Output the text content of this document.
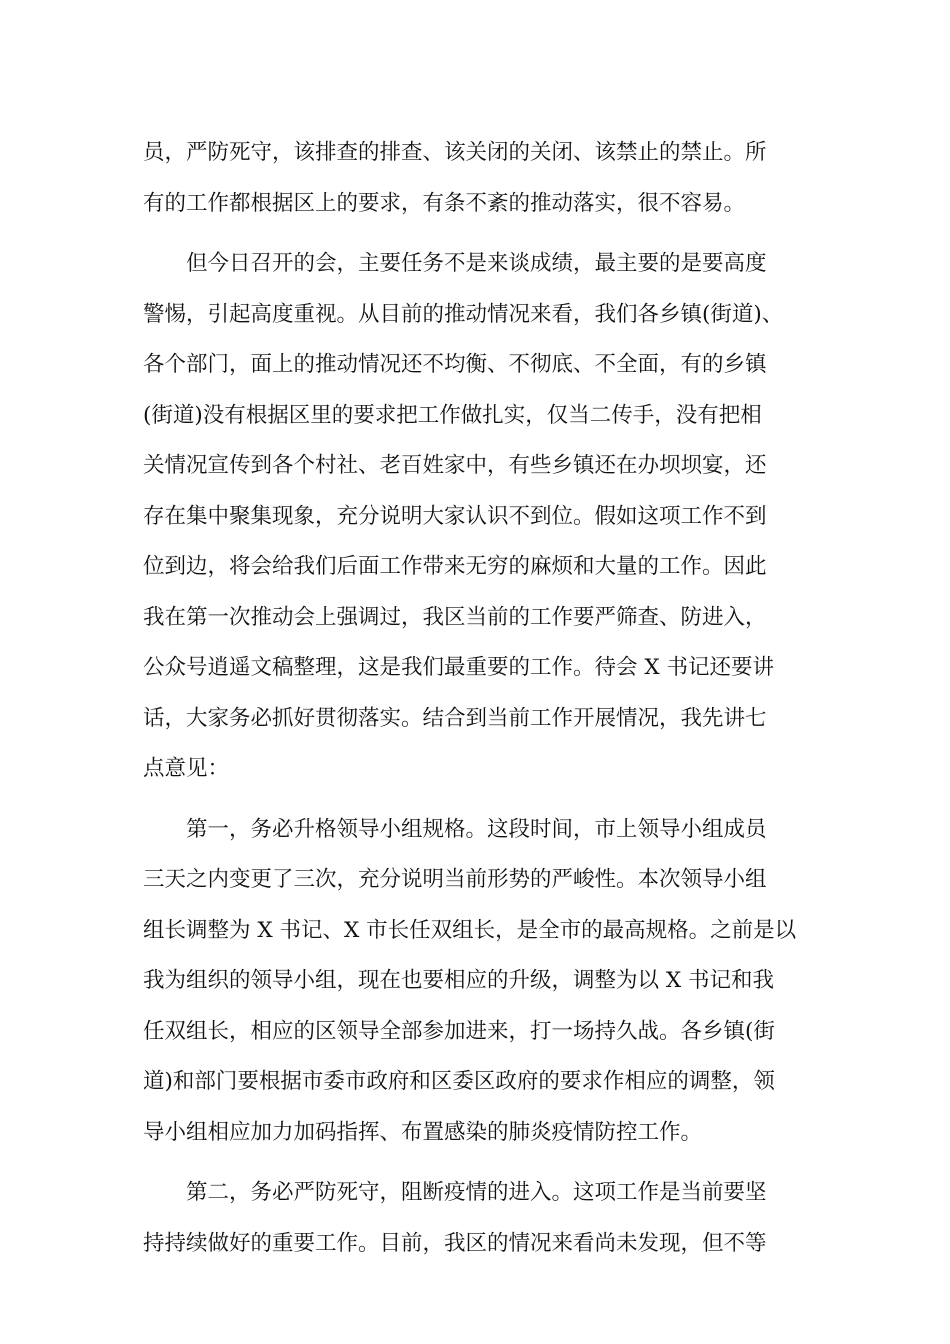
员，严防死守，该排查的排查、该关闭的关闭、该禁止的禁止。所
有的工作都根据区上的要求，有条不紊的推动落实，很不容易。
　　但今日召开的会，主要任务不是来谈成绩，最主要的是要高度
警惕，引起高度重视。从目前的推动情况来看，我们各乡镇(街道)、
各个部门，面上的推动情况还不均衡、不彻底、不全面，有的乡镇
(街道)没有根据区里的要求把工作做扎实，仅当二传手，没有把相
关情况宣传到各个村社、老百姓家中，有些乡镇还在办坝坝宴，还
存在集中聚集现象，充分说明大家认识不到位。假如这项工作不到
位到边，将会给我们后面工作带来无穷的麻烦和大量的工作。因此
我在第一次推动会上强调过，我区当前的工作要严筛查、防进入，
公众号逍遥文稿整理，这是我们最重要的工作。待会 X 书记还要讲
话，大家务必抓好贯彻落实。结合到当前工作开展情况，我先讲七
点意见：
　　第一，务必升格领导小组规格。这段时间，市上领导小组成员
三天之内变更了三次，充分说明当前形势的严峻性。本次领导小组
组长调整为 X 书记、X 市长任双组长，是全市的最高规格。之前是以
我为组织的领导小组，现在也要相应的升级，调整为以 X 书记和我
任双组长，相应的区领导全部参加进来，打一场持久战。各乡镇(街
道)和部门要根据市委市政府和区委区政府的要求作相应的调整，领
导小组相应加力加码指挥、布置感染的肺炎疫情防控工作。
　　第二，务必严防死守，阻断疫情的进入。这项工作是当前要坚
持持续做好的重要工作。目前，我区的情况来看尚未发现，但不等
